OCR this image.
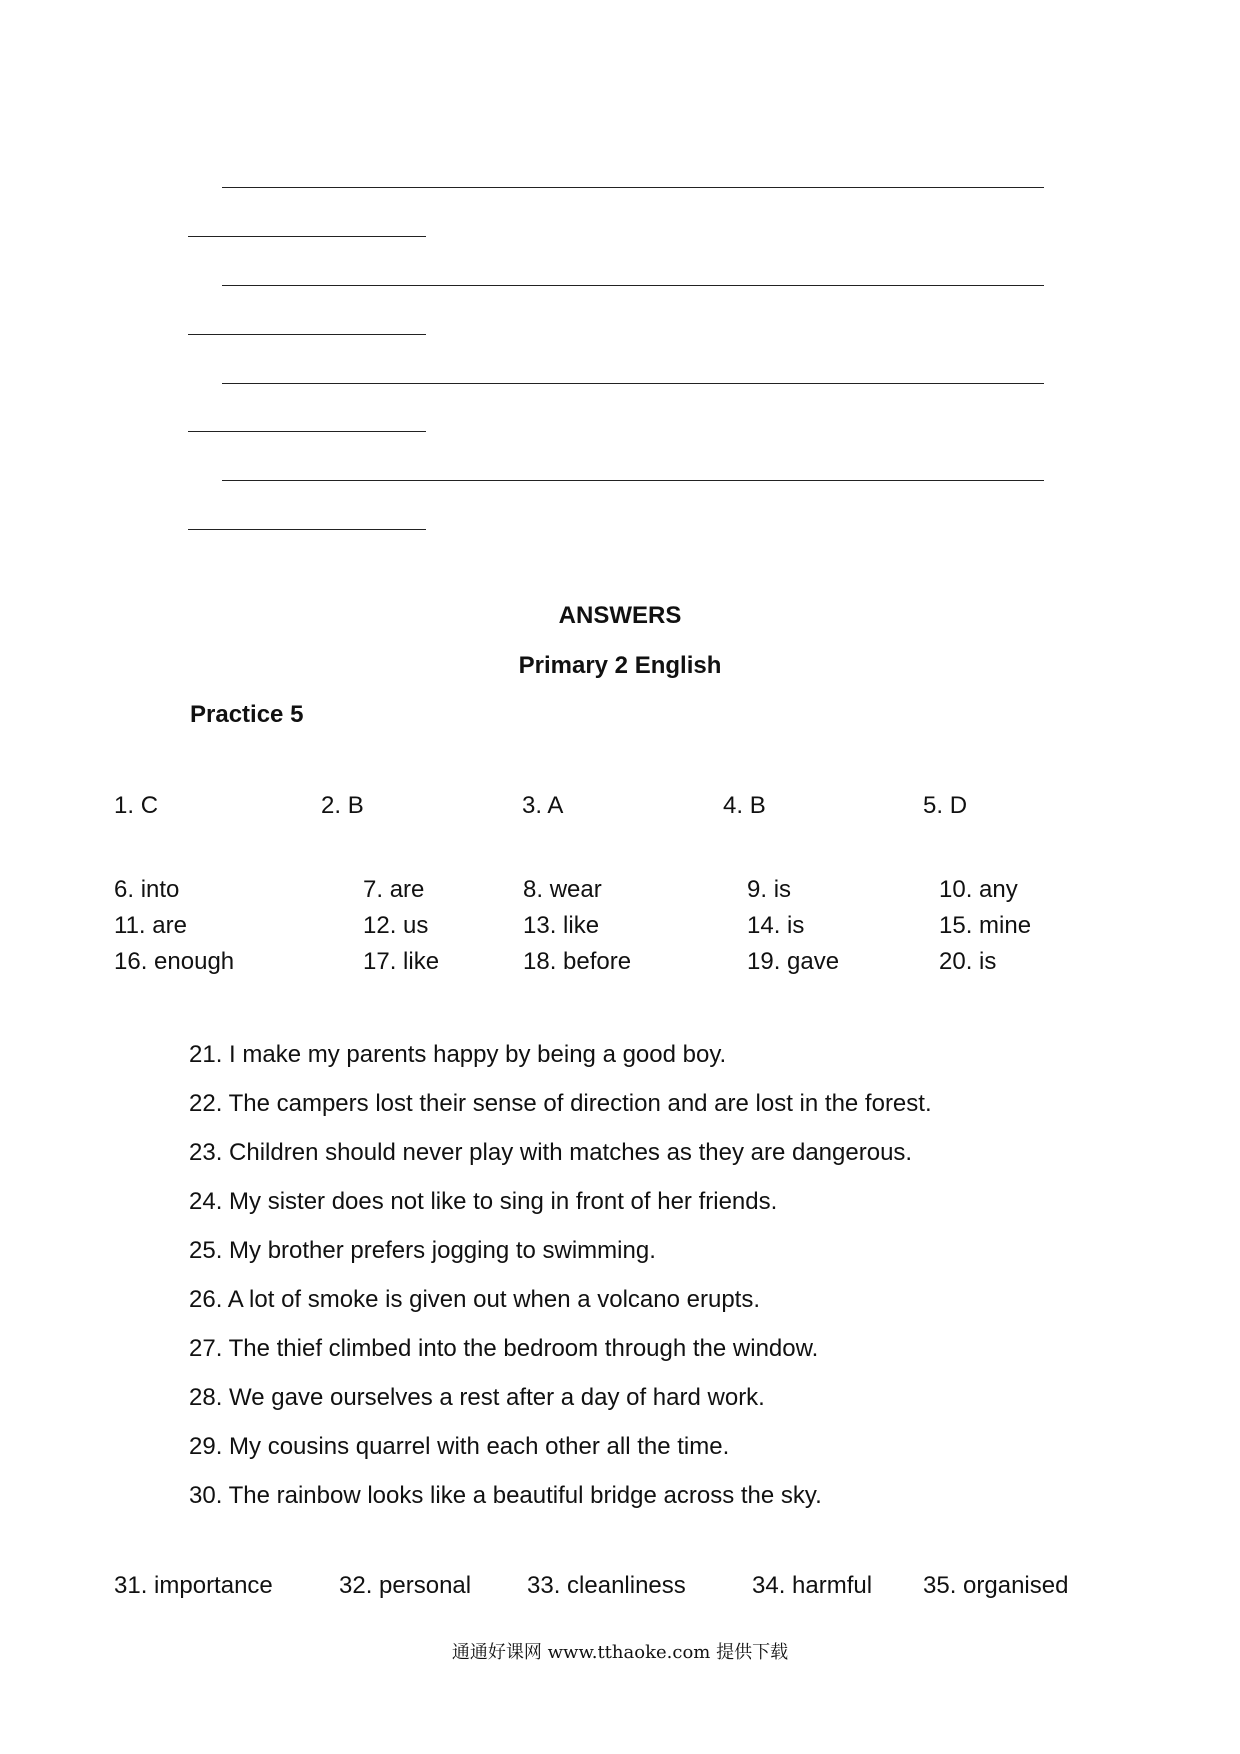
ANSWERS
Primary 2 English
Practice 5
1. C	2. B	3. A	4. B	5. D
6. into	7. are	8. wear	9. is	10. any
11. are	12. us	13. like	14. is	15. mine
16. enough	17. like	18. before	19. gave	20. is
21. I make my parents happy by being a good boy.
22. The campers lost their sense of direction and are lost in the forest.
23. Children should never play with matches as they are dangerous.
24. My sister does not like to sing in front of her friends.
25. My brother prefers jogging to swimming.
26. A lot of smoke is given out when a volcano erupts.
27. The thief climbed into the bedroom through the window.
28. We gave ourselves a rest after a day of hard work.
29. My cousins quarrel with each other all the time.
30. The rainbow looks like a beautiful bridge across the sky.
31. importance	32. personal 33. cleanliness	34. harmful 35. organised
通通好课网 www.tthaoke.com 提供下载
